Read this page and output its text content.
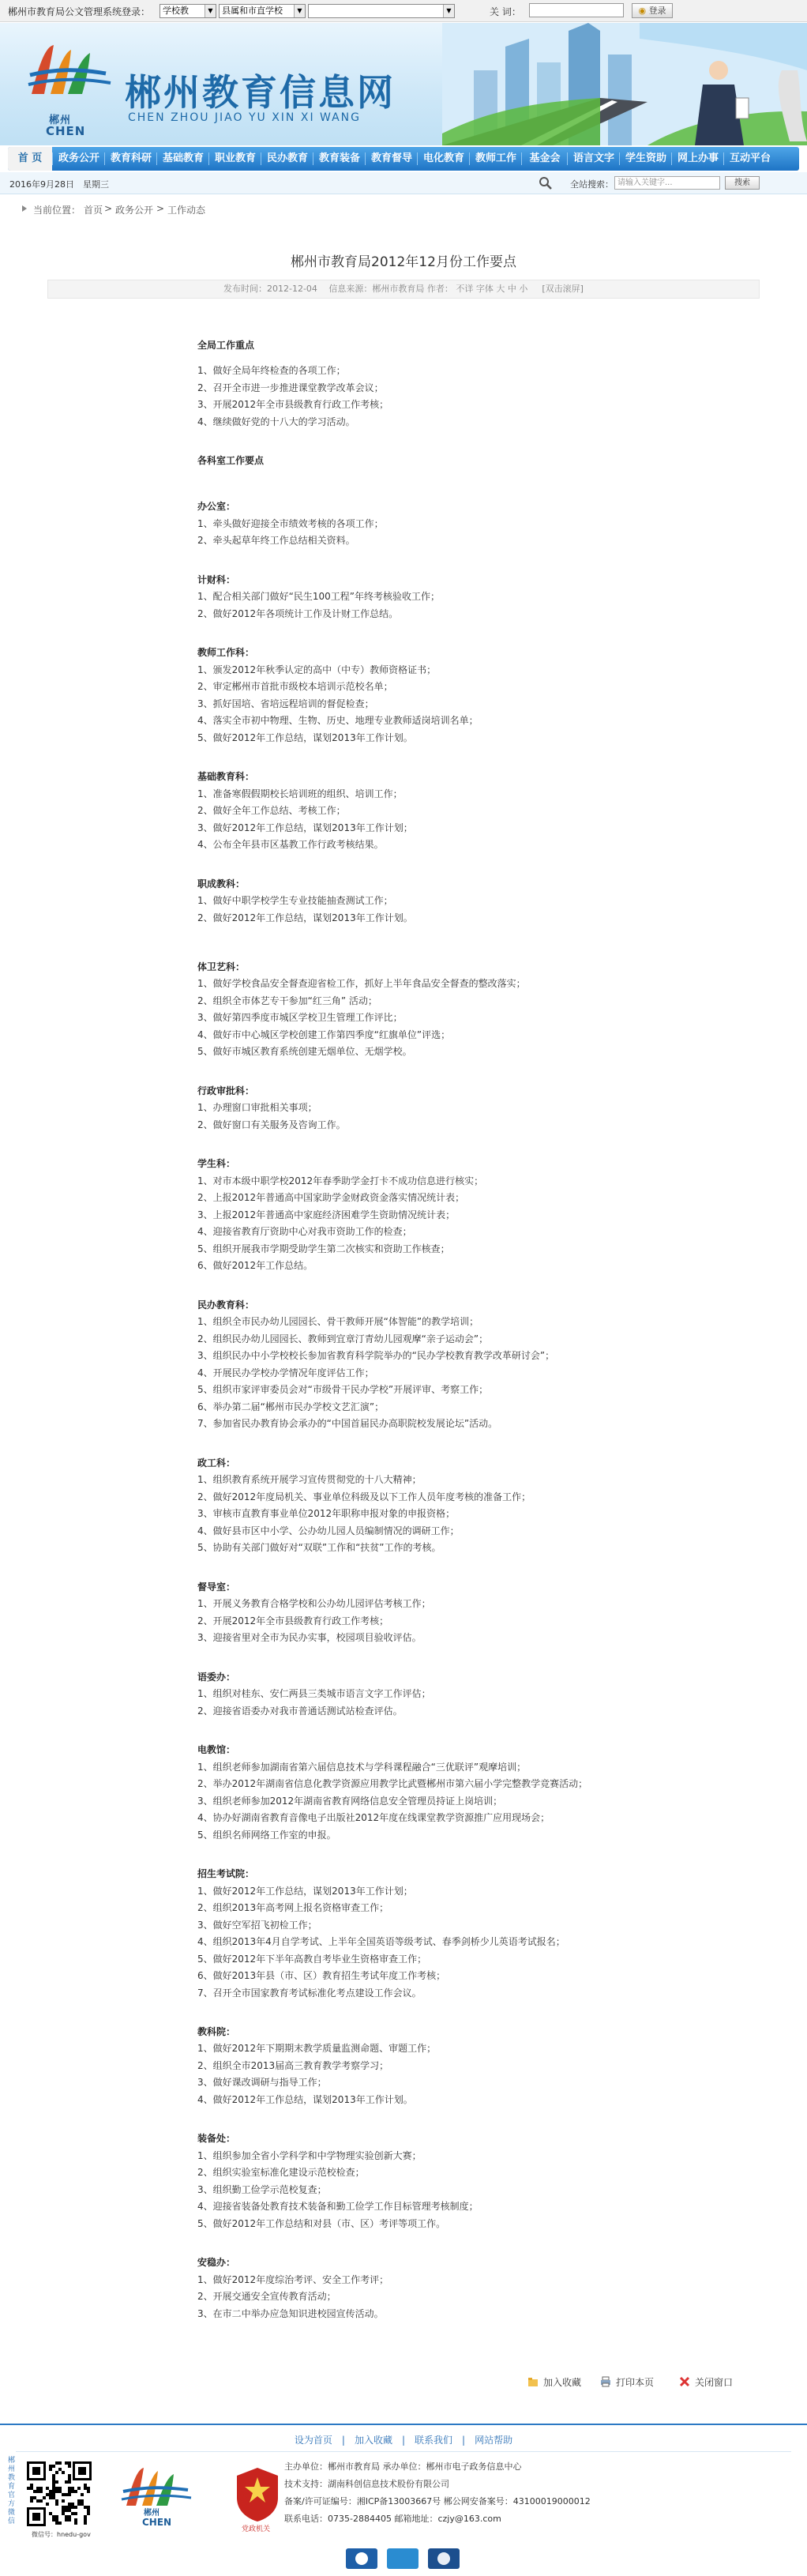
郴州市教育局公文管理系统登录：	学校教	▼	县属和市直学校	▼	▼	关 词：	◉ 登录
郴州
CHEN
郴州教育信息网
CHEN ZHOU JIAO YU XIN XI WANG
首 页	政务公开	教育科研	基础教育	职业教育	民办教育	教育装备	教育督导	电化教育	教师工作	基金会	语言文字	学生资助	网上办事	互动平台
2016年9月28日　 星期三	全站搜索： 请输入关键字...	搜索
当前位置： 首页 > 政务公开 > 工作动态
郴州市教育局2012年12月份工作要点
发布时间：2012-12-04　 信息来源：郴州市教育局 作者： 不详 字体 大 中 小 　 [双击滚屏]
全局工作重点
1、做好全局年终检查的各项工作；
2、召开全市进一步推进课堂教学改革会议；
3、开展2012年全市县级教育行政工作考核；
4、继续做好党的十八大的学习活动。
各科室工作要点
办公室：
1、牵头做好迎接全市绩效考核的各项工作；
2、牵头起草年终工作总结相关资料。
计财科：
1、配合相关部门做好“民生100工程”年终考核验收工作；
2、做好2012年各项统计工作及计财工作总结。
教师工作科：
1、颁发2012年秋季认定的高中（中专）教师资格证书；
2、审定郴州市首批市级校本培训示范校名单；
3、抓好国培、省培远程培训的督促检查；
4、落实全市初中物理、生物、历史、地理专业教师适岗培训名单；
5、做好2012年工作总结，谋划2013年工作计划。
基础教育科：
1、准备寒假假期校长培训班的组织、培训工作；
2、做好全年工作总结、考核工作；
3、做好2012年工作总结，谋划2013年工作计划；
4、公布全年县市区基教工作行政考核结果。
职成教科：
1、做好中职学校学生专业技能抽查测试工作；
2、做好2012年工作总结，谋划2013年工作计划。
体卫艺科：
1、做好学校食品安全督查迎省检工作，抓好上半年食品安全督查的整改落实；
2、组织全市体艺专干参加“红三角” 活动；
3、做好第四季度市城区学校卫生管理工作评比；
4、做好市中心城区学校创建工作第四季度“红旗单位”评选；
5、做好市城区教育系统创建无烟单位、无烟学校。
行政审批科：
1、办理窗口审批相关事项；
2、做好窗口有关服务及咨询工作。
学生科：
1、对市本级中职学校2012年春季助学金打卡不成功信息进行核实；
2、上报2012年普通高中国家助学金财政资金落实情况统计表；
3、上报2012年普通高中家庭经济困难学生资助情况统计表；
4、迎接省教育厅资助中心对我市资助工作的检查；
5、组织开展我市学期受助学生第二次核实和资助工作核查；
6、做好2012年工作总结。
民办教育科：
1、组织全市民办幼儿园园长、骨干教师开展“体智能”的教学培训；
2、组织民办幼儿园园长、教师到宜章汀青幼儿园观摩“亲子运动会”；
3、组织民办中小学校校长参加省教育科学院举办的“民办学校教育教学改革研讨会”；
4、开展民办学校办学情况年度评估工作；
5、组织市家评审委员会对“市级骨干民办学校”开展评审、考察工作；
6、举办第二届“郴州市民办学校文艺汇演”；
7、参加省民办教育协会承办的“中国首届民办高职院校发展论坛”活动。
政工科：
1、组织教育系统开展学习宣传贯彻党的十八大精神；
2、做好2012年度局机关、事业单位科级及以下工作人员年度考核的准备工作；
3、审核市直教育事业单位2012年职称申报对象的申报资格；
4、做好县市区中小学、公办幼儿园人员编制情况的调研工作；
5、协助有关部门做好对“双联”工作和“扶贫”工作的考核。
督导室：
1、开展义务教育合格学校和公办幼儿园评估考核工作；
2、开展2012年全市县级教育行政工作考核；
3、迎接省里对全市为民办实事，校园项目验收评估。
语委办：
1、组织对桂东、安仁两县三类城市语言文字工作评估；
2、迎接省语委办对我市普通话测试站检查评估。
电教馆：
1、组织老师参加湖南省第六届信息技术与学科课程融合“三优联评”观摩培训；
2、举办2012年湖南省信息化教学资源应用教学比武暨郴州市第六届小学完整教学竞赛活动；
3、组织老师参加2012年湖南省教育网络信息安全管理员持证上岗培训；
4、协办好湖南省教育音像电子出版社2012年度在线课堂教学资源推广应用现场会；
5、组织名师网络工作室的申报。
招生考试院：
1、做好2012年工作总结，谋划2013年工作计划；
2、组织2013年高考网上报名资格审查工作；
3、做好空军招飞初检工作；
4、组织2013年4月自学考试、上半年全国英语等级考试、春季剑桥少儿英语考试报名；
5、做好2012年下半年高教自考毕业生资格审查工作；
6、做好2013年县（市、区）教育招生考试年度工作考核；
7、召开全市国家教育考试标准化考点建设工作会议。
教科院：
1、做好2012年下期期末教学质量监测命题、审题工作；
2、组织全市2013届高三教育教学考察学习；
3、做好课改调研与指导工作；
4、做好2012年工作总结，谋划2013年工作计划。
装备处：
1、组织参加全省小学科学和中学物理实验创新大赛；
2、组织实验室标准化建设示范校检查；
3、组织勤工俭学示范校复查；
4、迎接省装备处教育技术装备和勤工俭学工作目标管理考核制度；
5、做好2012年工作总结和对县（市、区）考评等项工作。
安稳办：
1、做好2012年度综治考评、安全工作考评；
2、开展交通安全宣传教育活动；
3、在市二中举办应急知识进校园宣传活动。
加入收藏	打印本页	关闭窗口
设为首页 | 加入收藏 | 联系我们 | 网站帮助
郴州教育官方微信
微信号：hnedu-gov
郴州
CHEN
党政机关
主办单位：郴州市教育局 承办单位：郴州市电子政务信息中心
技术支持：湖南科创信息技术股份有限公司
备案/许可证编号：湘ICP备13003667号 郴公网安备案号：43100019000012
联系电话：0735-2884405 邮箱地址：czjy@163.com
